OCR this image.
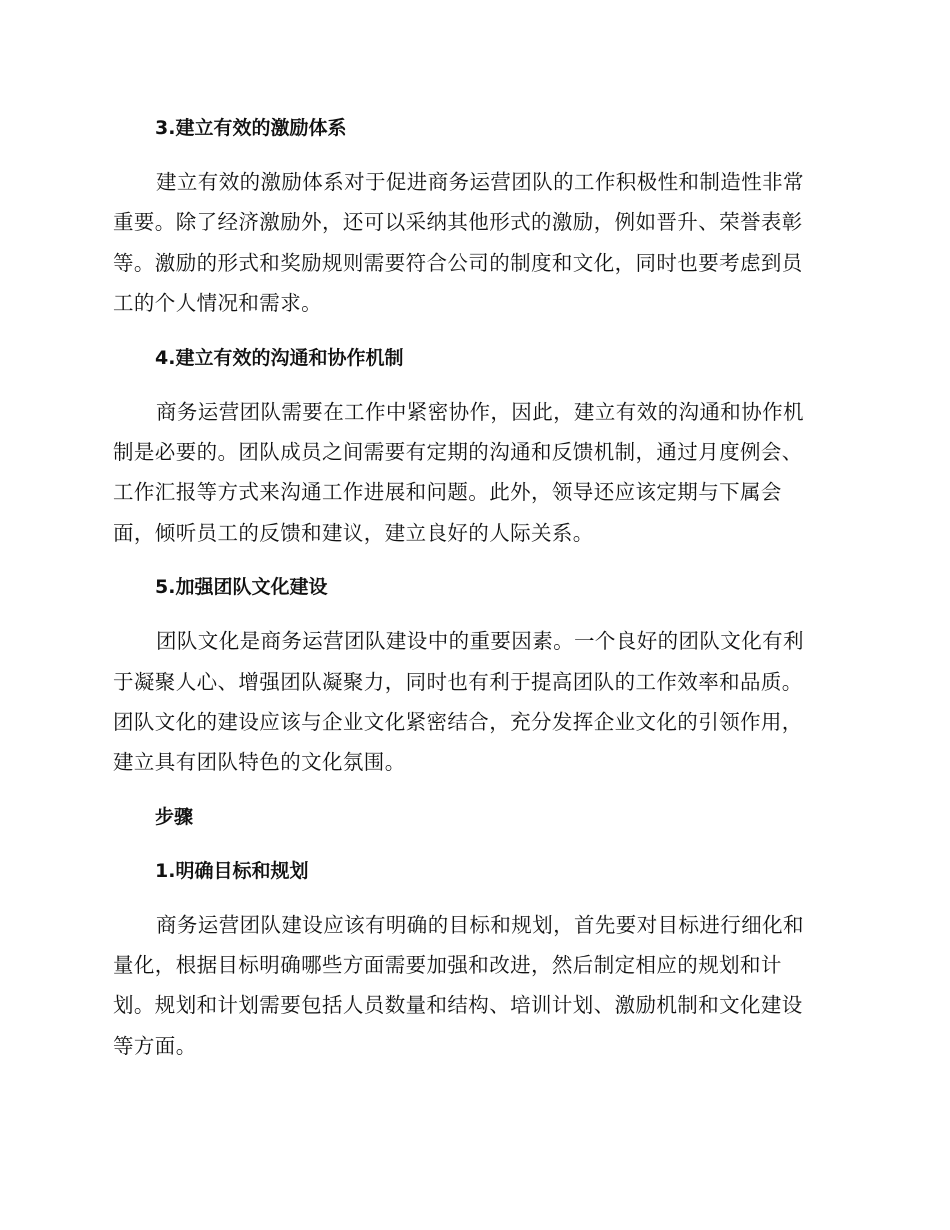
3.建立有效的激励体系

建立有效的激励体系对于促进商务运营团队的工作积极性和制造性非常
重要。除了经济激励外，还可以采纳其他形式的激励，例如晋升、荣誉表彰
等。激励的形式和奖励规则需要符合公司的制度和文化，同时也要考虑到员
工的个人情况和需求。

4.建立有效的沟通和协作机制

商务运营团队需要在工作中紧密协作，因此，建立有效的沟通和协作机
制是必要的。团队成员之间需要有定期的沟通和反馈机制，通过月度例会、
工作汇报等方式来沟通工作进展和问题。此外，领导还应该定期与下属会
面，倾听员工的反馈和建议，建立良好的人际关系。

5.加强团队文化建设

团队文化是商务运营团队建设中的重要因素。一个良好的团队文化有利
于凝聚人心、增强团队凝聚力，同时也有利于提高团队的工作效率和品质。
团队文化的建设应该与企业文化紧密结合，充分发挥企业文化的引领作用，
建立具有团队特色的文化氛围。

步骤
1.明确目标和规划

商务运营团队建设应该有明确的目标和规划，首先要对目标进行细化和
量化，根据目标明确哪些方面需要加强和改进，然后制定相应的规划和计
划。规划和计划需要包括人员数量和结构、培训计划、激励机制和文化建设
等方面。
